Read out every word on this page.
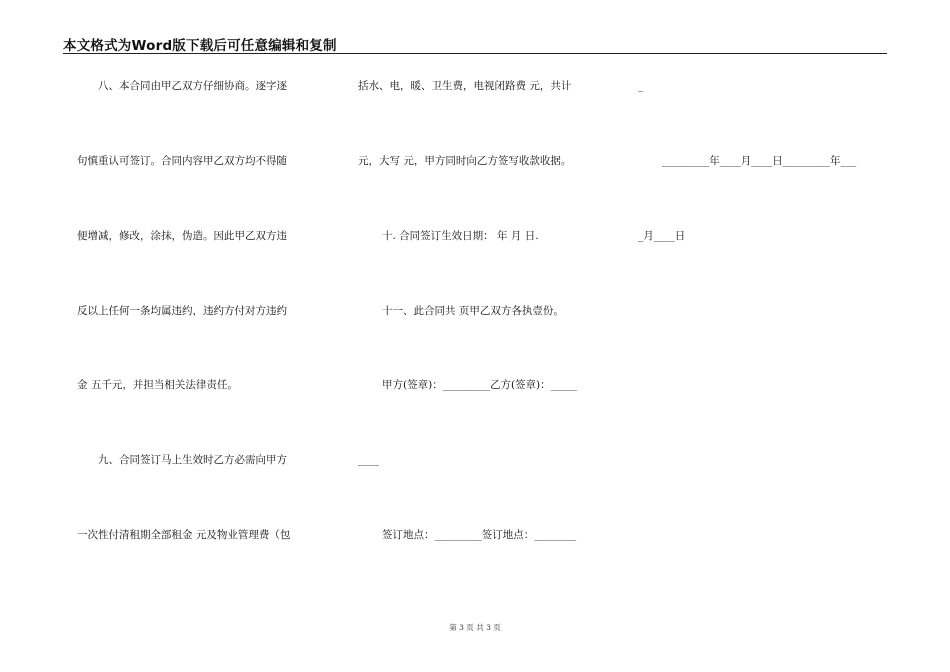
本文格式为Word版下载后可任意编辑和复制
八、本合同由甲乙双方仔细协商。逐字逐
句慎重认可签订。合同内容甲乙双方均不得随
便增减，修改，涂抹，伪造。因此甲乙双方违
反以上任何一条均属违约，违约方付对方违约
金 五千元，并担当相关法律责任。
九、合同签订马上生效时乙方必需向甲方
一次性付清租期全部租金 元及物业管理费（包
括水、电，暖、卫生费，电视闭路费 元，共计
元，大写 元，甲方同时向乙方签写收款收据。
十. 合同签订生效日期： 年 月 日.
十一、此合同共 页甲乙双方各执壹份。
甲方(签章)：_________乙方(签章)：_____
____
签订地点：_________签订地点：________
_
_________年____月____日_________年___
_月____日
第 3 页 共 3 页
